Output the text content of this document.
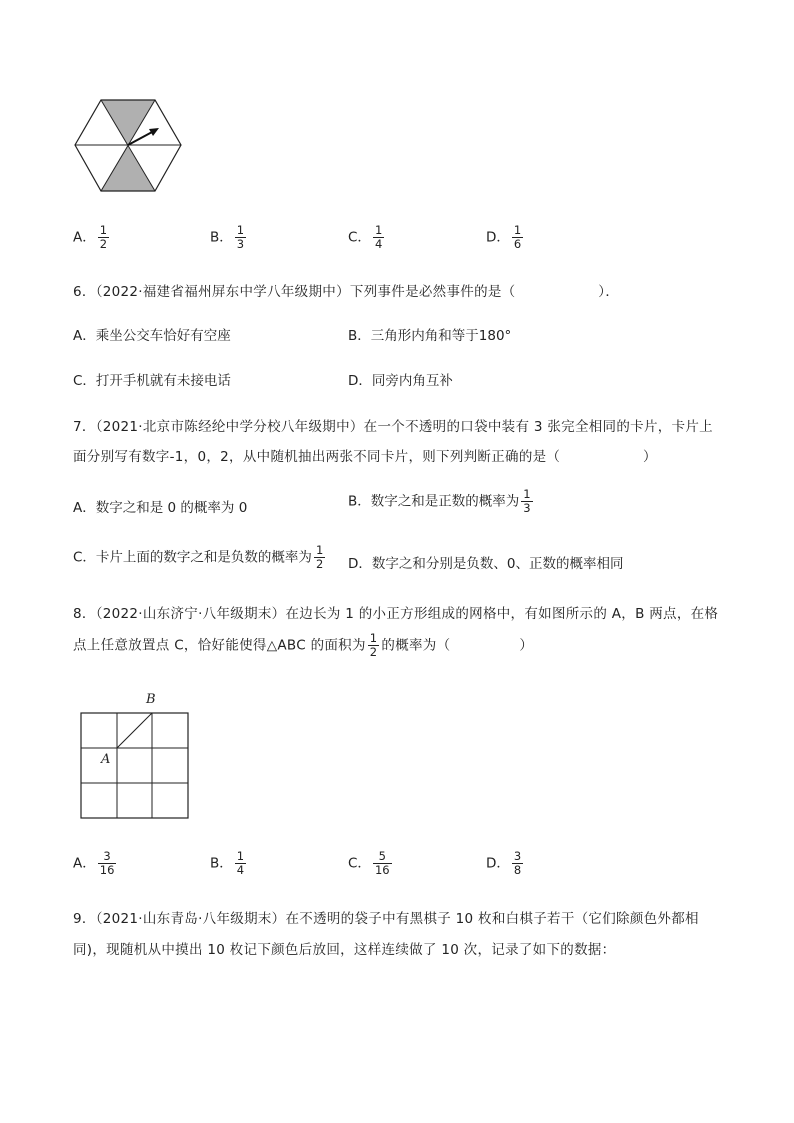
A． $\frac{1}{2}$	B． $\frac{1}{3}$	C． $\frac{1}{4}$	D． $\frac{1}{6}$
6．（2022·福建省福州屏东中学八年级期中）下列事件是必然事件的是（　　　　　　）．
A．乘坐公交车恰好有空座	B．三角形内角和等于180°
C．打开手机就有未接电话	D．同旁内角互补
7．（2021·北京市陈经纶中学分校八年级期中）在一个不透明的口袋中装有 3 张完全相同的卡片，卡片上
面分别写有数字-1，0，2，从中随机抽出两张不同卡片，则下列判断正确的是（　　　　　　）
A．数字之和是 0 的概率为 0	B．数字之和是正数的概率为 $\frac{1}{3}$
C．卡片上面的数字之和是负数的概率为 $\frac{1}{2}$ D．数字之和分别是负数、0、正数的概率相同
8．（2022·山东济宁·八年级期末）在边长为 1 的小正方形组成的网格中，有如图所示的 A，B 两点，在格
点上任意放置点 C，恰好能使得△ABC 的面积为 $\frac{1}{2}$ 的概率为（　　　　　）
B
A
A． $\frac{3}{16}$	B． $\frac{1}{4}$	C． $\frac{5}{16}$	D． $\frac{3}{8}$
9．（2021·山东青岛·八年级期末）在不透明的袋子中有黑棋子 10 枚和白棋子若干（它们除颜色外都相
同)，现随机从中摸出 10 枚记下颜色后放回，这样连续做了 10 次，记录了如下的数据：
